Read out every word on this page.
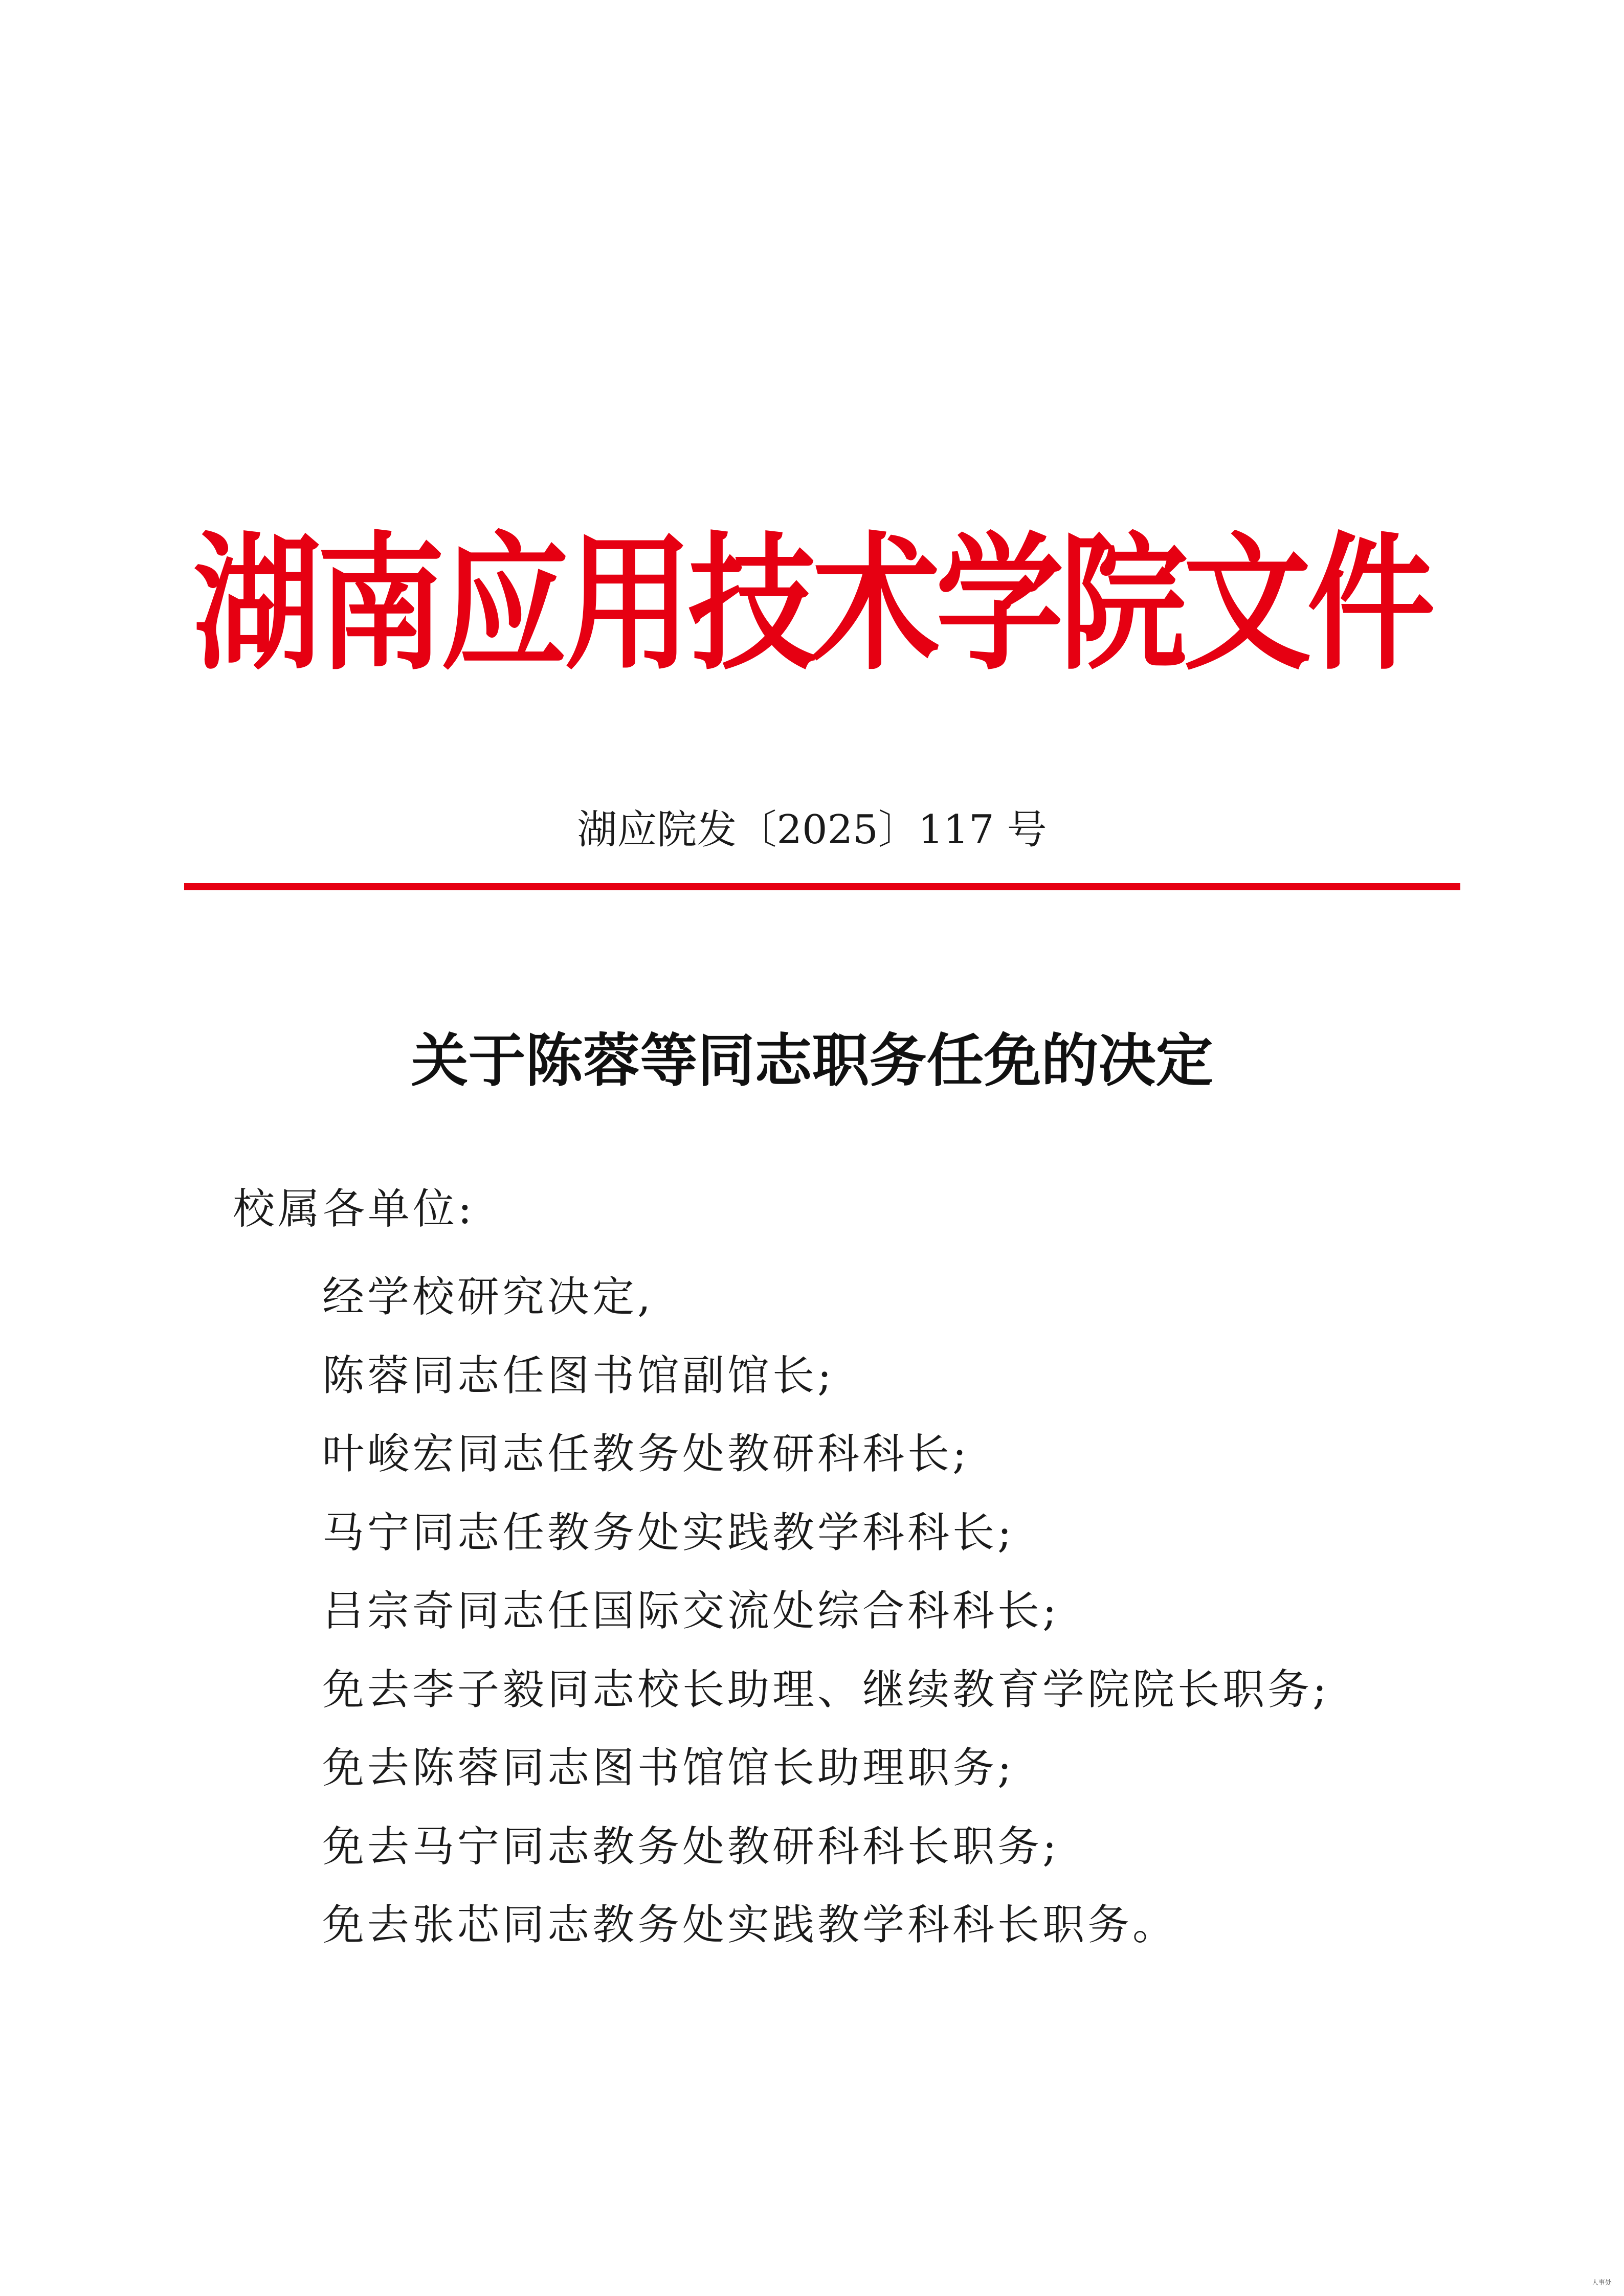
湖南应用技术学院文件
湖应院发〔2025〕117 号
关于陈蓉等同志职务任免的决定
校属各单位:
经学校研究决定,
陈蓉同志任图书馆副馆长;
叶峻宏同志任教务处教研科科长;
马宁同志任教务处实践教学科科长;
吕宗奇同志任国际交流处综合科科长;
免去李子毅同志校长助理、继续教育学院院长职务;
免去陈蓉同志图书馆馆长助理职务;
免去马宁同志教务处教研科科长职务;
免去张芯同志教务处实践教学科科长职务。
人事处
